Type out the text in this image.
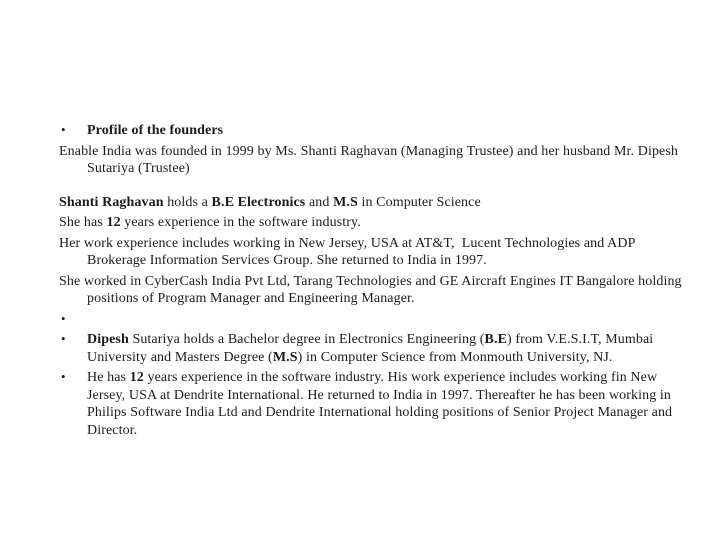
• Profile of the founders
Enable India was founded in 1999 by Ms. Shanti Raghavan (Managing Trustee) and her husband Mr. Dipesh
Sutariya (Trustee)
Shanti Raghavan holds a B.E Electronics and M.S in Computer Science
She has 12 years experience in the software industry.
Her work experience includes working in New Jersey, USA at AT&T,  Lucent Technologies and ADP
Brokerage Information Services Group. She returned to India in 1997.
She worked in CyberCash India Pvt Ltd, Tarang Technologies and GE Aircraft Engines IT Bangalore holding
positions of Program Manager and Engineering Manager.
•
• Dipesh Sutariya holds a Bachelor degree in Electronics Engineering (B.E) from V.E.S.I.T, Mumbai
University and Masters Degree (M.S) in Computer Science from Monmouth University, NJ.
• He has 12 years experience in the software industry. His work experience includes working fin New
Jersey, USA at Dendrite International. He returned to India in 1997. Thereafter he has been working in
Philips Software India Ltd and Dendrite International holding positions of Senior Project Manager and
Director.
